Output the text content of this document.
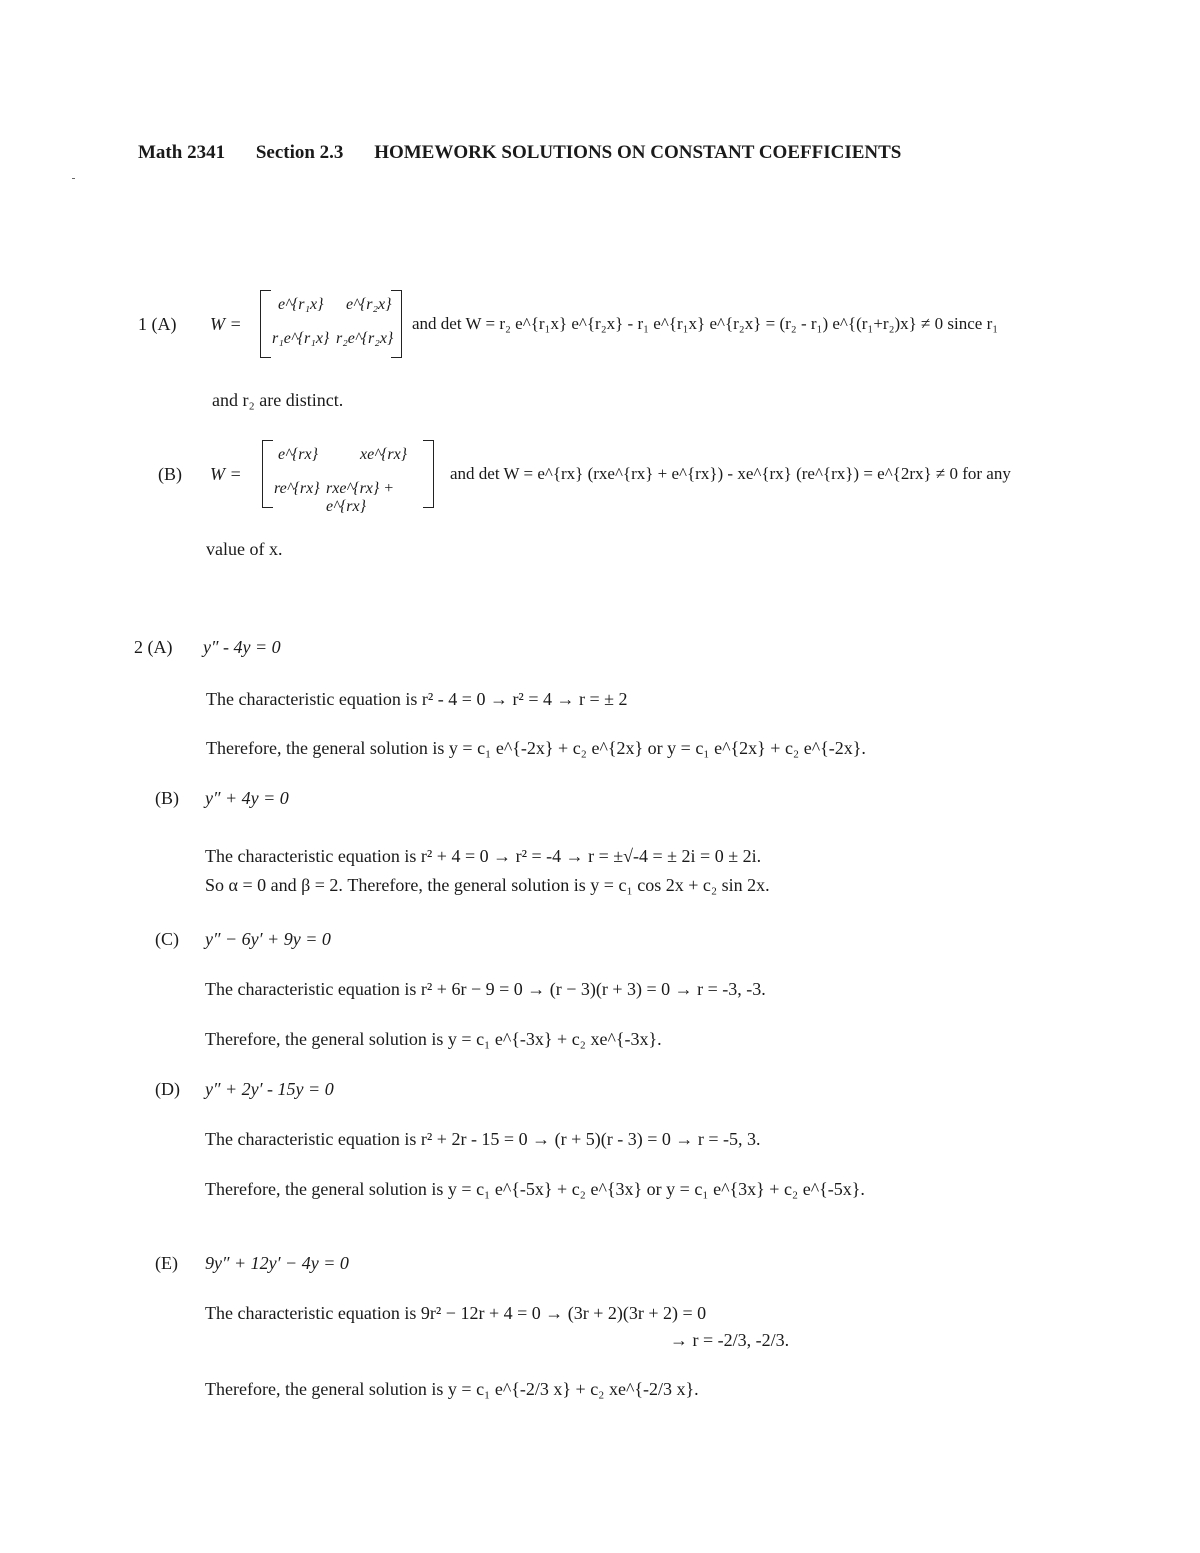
Math 2341 Section 2.3 HOMEWORK SOLUTIONS ON CONSTANT COEFFICIENTS
1 (A) W =
e^{r₁x} e^{r₂x}
r₁e^{r₁x} r₂e^{r₂x}
and det W = r₂ e^{r₁x} e^{r₂x} - r₁ e^{r₁x} e^{r₂x} = (r₂ - r₁) e^{(r₁+r₂)x} ≠ 0 since r₁
and r₂ are distinct.
(B) W =
e^{rx}	xe^{rx}
re^{rx} rxe^{rx} + e^{rx}
and det W = e^{rx} (rxe^{rx} + e^{rx}) - xe^{rx} (re^{rx}) = e^{2rx} ≠ 0 for any
value of x.
2 (A) y″ - 4y = 0
The characteristic equation is r² - 4 = 0 → r² = 4 → r = ± 2
Therefore, the general solution is y = c₁ e^{-2x} + c₂ e^{2x} or y = c₁ e^{2x} + c₂ e^{-2x}.
(B) y″ + 4y = 0
The characteristic equation is r² + 4 = 0 → r² = -4 → r = ±√-4 = ± 2i = 0 ± 2i.
So α = 0 and β = 2. Therefore, the general solution is y = c₁ cos 2x + c₂ sin 2x.
(C) y″ − 6y′ + 9y = 0
The characteristic equation is r² + 6r − 9 = 0 → (r − 3)(r + 3) = 0 → r = -3, -3.
Therefore, the general solution is y = c₁ e^{-3x} + c₂ xe^{-3x}.
(D) y″ + 2y′ - 15y = 0
The characteristic equation is r² + 2r - 15 = 0 → (r + 5)(r - 3) = 0 → r = -5, 3.
Therefore, the general solution is y = c₁ e^{-5x} + c₂ e^{3x} or y = c₁ e^{3x} + c₂ e^{-5x}.
(E) 9y″ + 12y′ − 4y = 0
The characteristic equation is 9r² − 12r + 4 = 0 → (3r + 2)(3r + 2) = 0
→ r = -2/3, -2/3.
Therefore, the general solution is y = c₁ e^{-2/3 x} + c₂ xe^{-2/3 x}.
